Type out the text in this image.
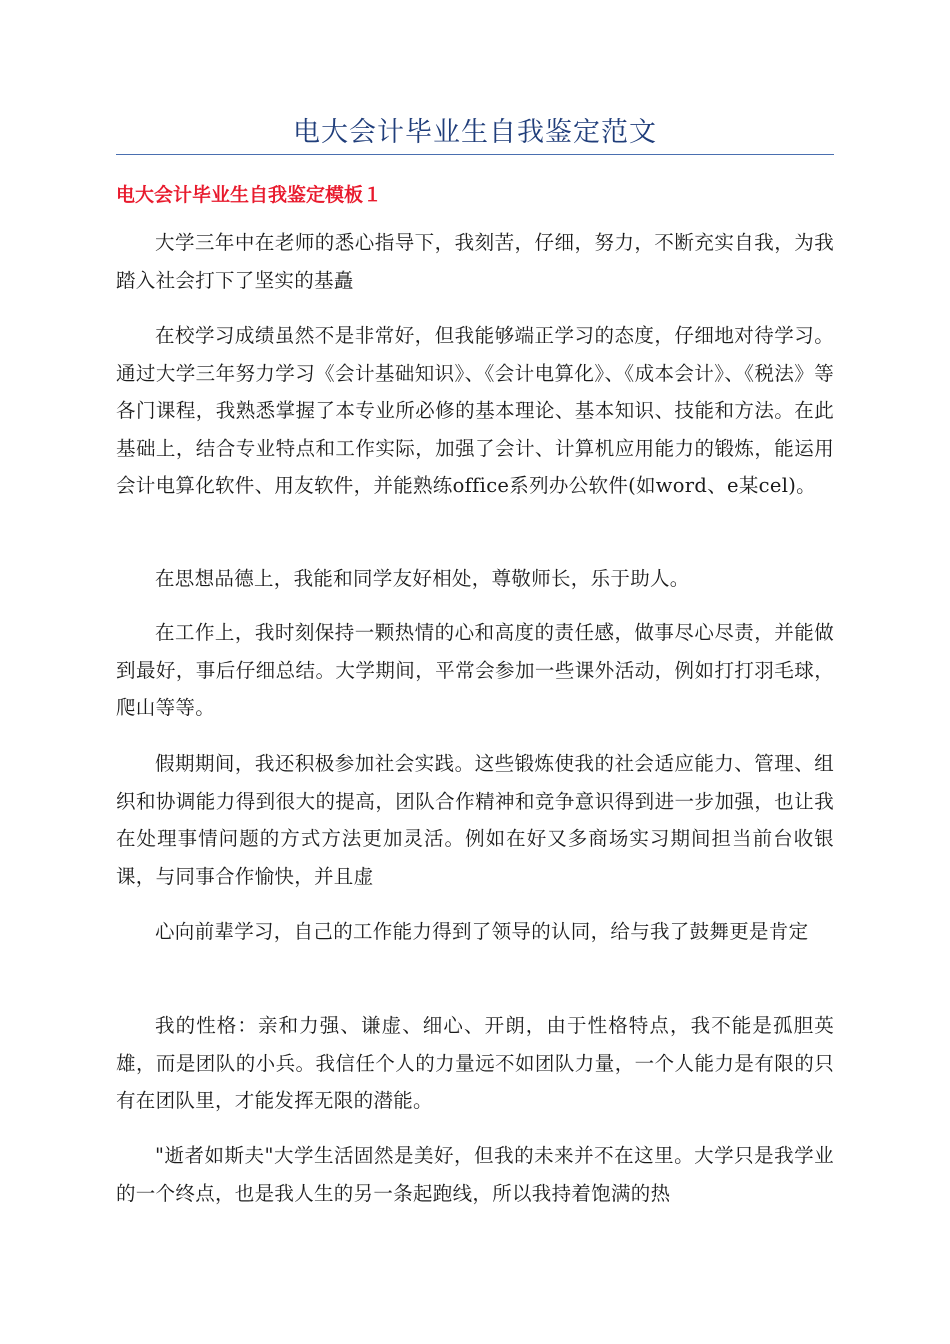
电大会计毕业生自我鉴定范文
电大会计毕业生自我鉴定模板１

大学三年中在老师的悉心指导下，我刻苦，仔细，努力，不断充实自我，为我踏入社会打下了坚实的基矗

在校学习成绩虽然不是非常好，但我能够端正学习的态度，仔细地对待学习。通过大学三年努力学习《会计基础知识》、《会计电算化》、《成本会计》、《税法》等各门课程，我熟悉掌握了本专业所必修的基本理论、基本知识、技能和方法。在此基础上，结合专业特点和工作实际，加强了会计、计算机应用能力的锻炼，能运用会计电算化软件、用友软件，并能熟练office系列办公软件(如word、e某cel)。

在思想品德上，我能和同学友好相处，尊敬师长，乐于助人。

在工作上，我时刻保持一颗热情的心和高度的责任感，做事尽心尽责，并能做到最好，事后仔细总结。大学期间，平常会参加一些课外活动，例如打打羽毛球，爬山等等。

假期期间，我还积极参加社会实践。这些锻炼使我的社会适应能力、管理、组织和协调能力得到很大的提高，团队合作精神和竞争意识得到进一步加强，也让我在处理事情问题的方式方法更加灵活。例如在好又多商场实习期间担当前台收银课，与同事合作愉快，并且虚

心向前辈学习，自己的工作能力得到了领导的认同，给与我了鼓舞更是肯定

我的性格：亲和力强、谦虚、细心、开朗，由于性格特点，我不能是孤胆英雄，而是团队的小兵。我信任个人的力量远不如团队力量，一个人能力是有限的只有在团队里，才能发挥无限的潜能。

"逝者如斯夫"大学生活固然是美好，但我的未来并不在这里。大学只是我学业的一个终点，也是我人生的另一条起跑线，所以我持着饱满的热
